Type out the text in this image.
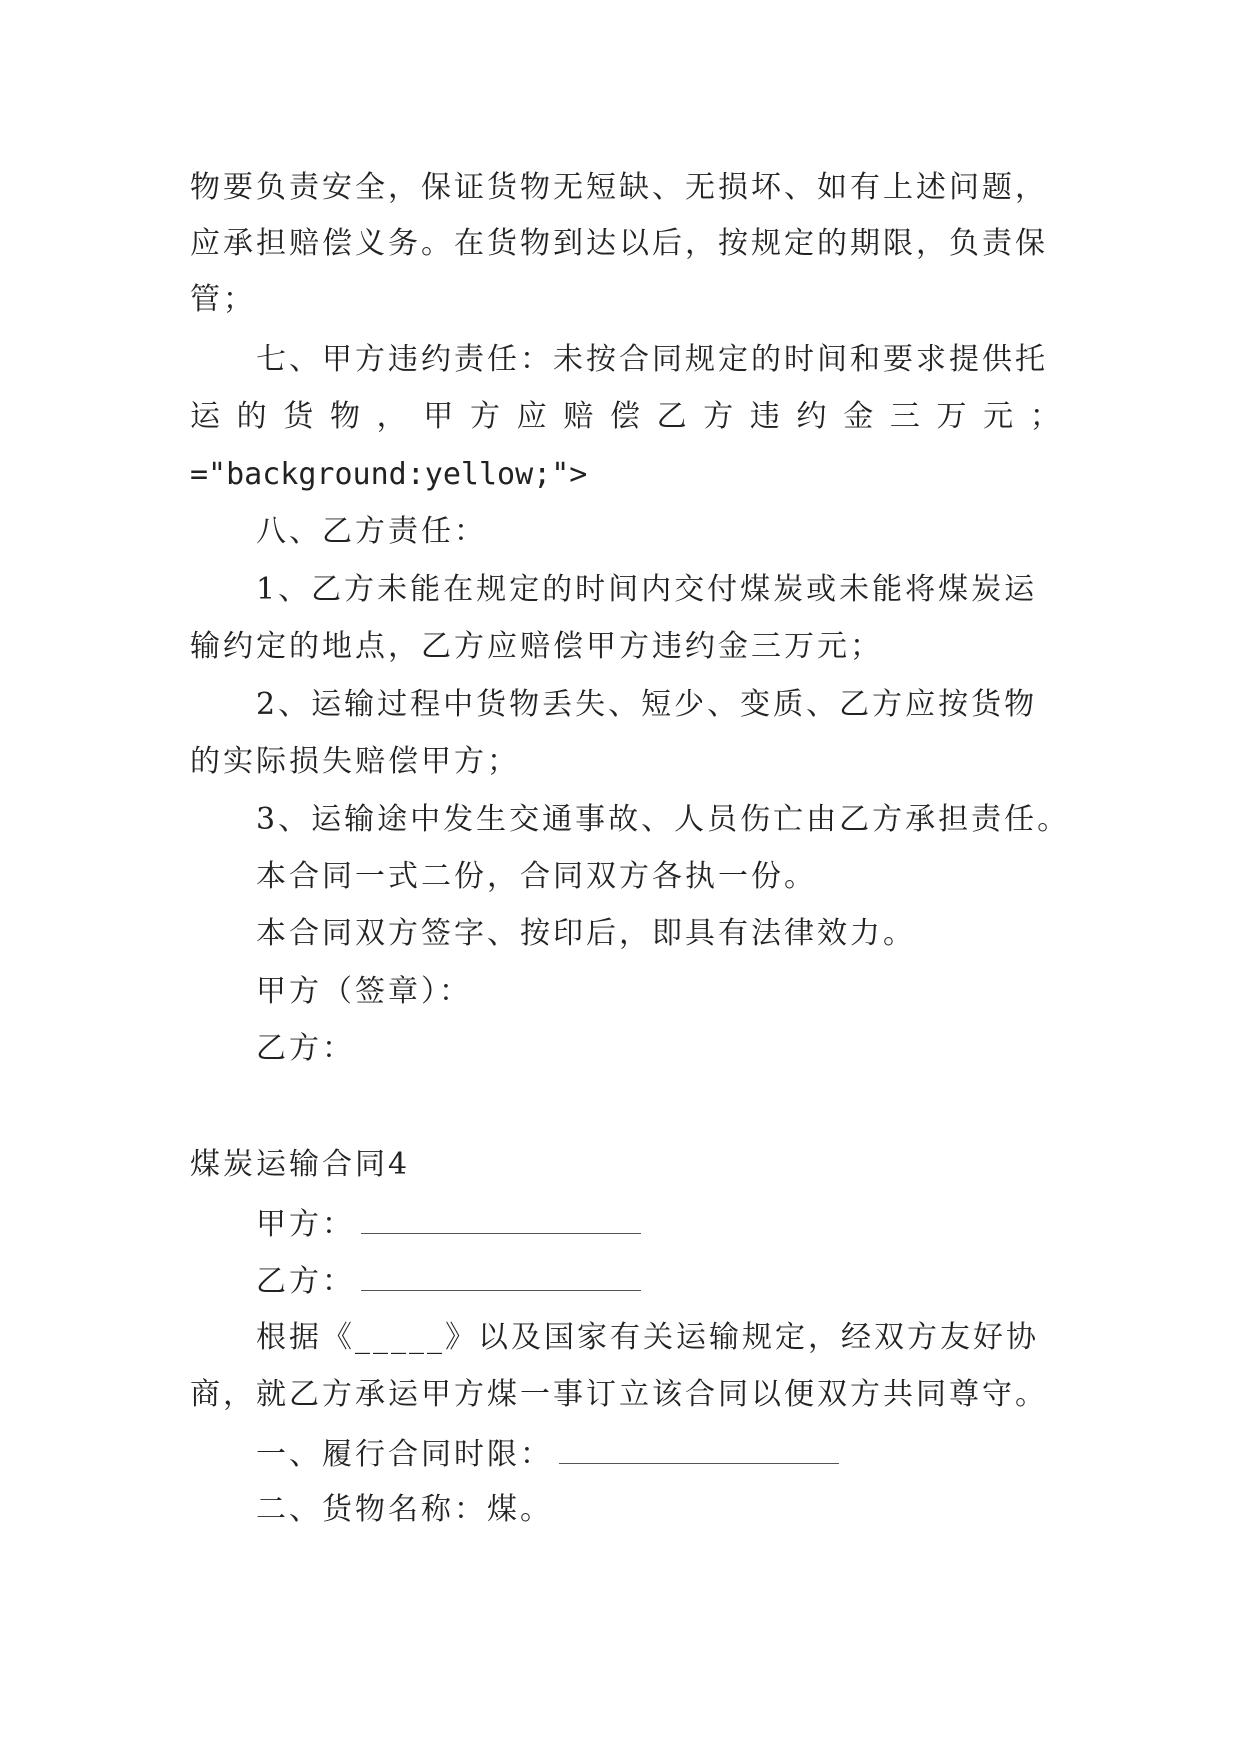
物要负责安全，保证货物无短缺、无损坏、如有上述问题，
应承担赔偿义务。在货物到达以后，按规定的期限，负责保
管；
七、甲方违约责任：未按合同规定的时间和要求提供托
运 的 货 物 ， 甲 方 应 赔 偿 乙 方 违 约 金 三 万 元 ；
="background:yellow;">
八、乙方责任：
1、乙方未能在规定的时间内交付煤炭或未能将煤炭运
输约定的地点，乙方应赔偿甲方违约金三万元；
2、运输过程中货物丢失、短少、变质、乙方应按货物
的实际损失赔偿甲方；
3、运输途中发生交通事故、人员伤亡由乙方承担责任。
本合同一式二份，合同双方各执一份。
本合同双方签字、按印后，即具有法律效力。
甲方（签章）：
乙方：
煤炭运输合同4
甲方：
乙方：
根据《_____》以及国家有关运输规定，经双方友好协
商，就乙方承运甲方煤一事订立该合同以便双方共同尊守。
一、履行合同时限：
二、货物名称：煤。
